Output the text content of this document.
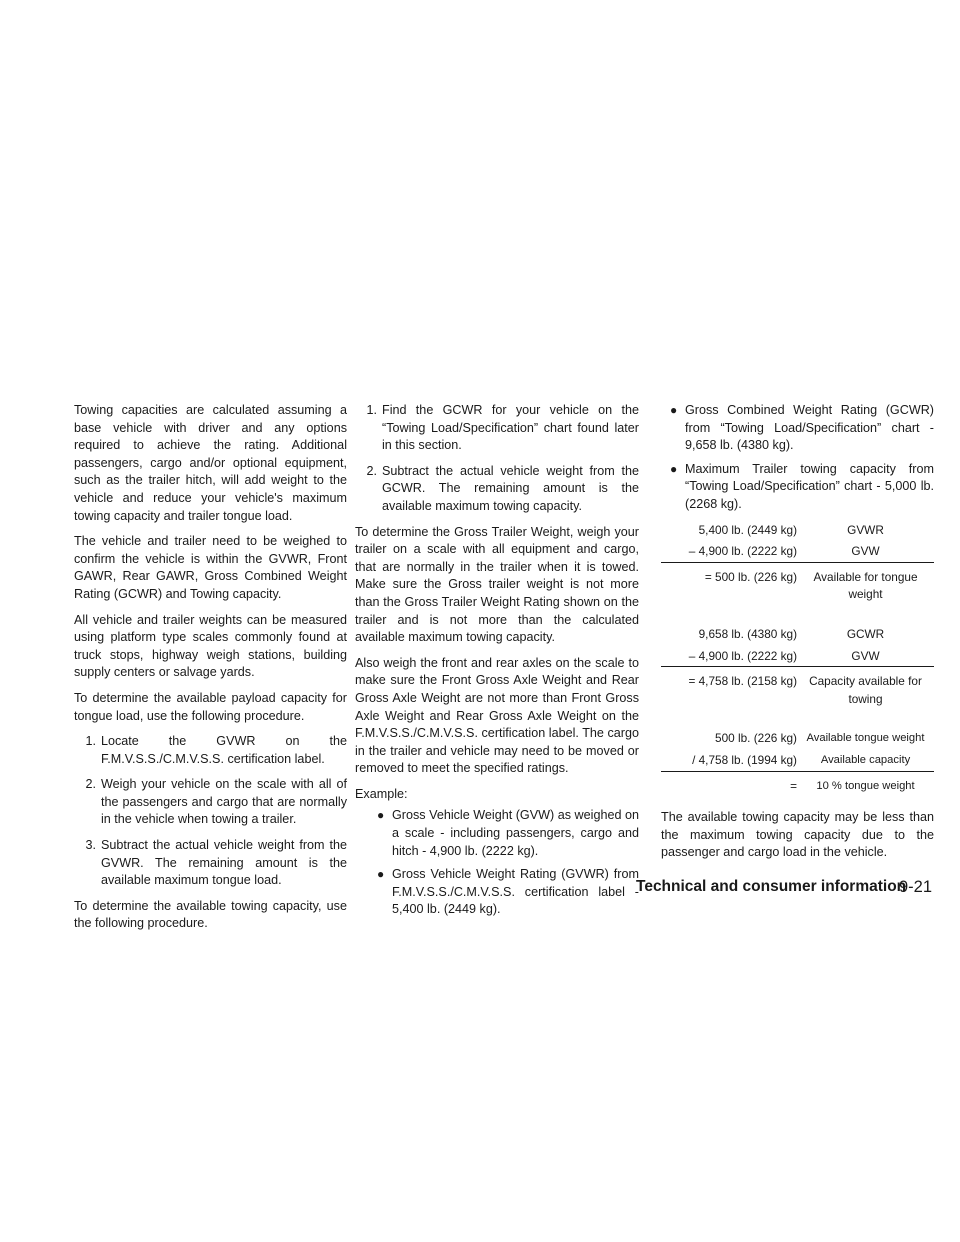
Towing capacities are calculated assuming a base vehicle with driver and any options required to achieve the rating. Additional passengers, cargo and/or optional equipment, such as the trailer hitch, will add weight to the vehicle and reduce your vehicle's maximum towing capacity and trailer tongue load.

The vehicle and trailer need to be weighed to confirm the vehicle is within the GVWR, Front GAWR, Rear GAWR, Gross Combined Weight Rating (GCWR) and Towing capacity.

All vehicle and trailer weights can be measured using platform type scales commonly found at truck stops, highway weigh stations, building supply centers or salvage yards.

To determine the available payload capacity for tongue load, use the following procedure.

1. Locate the GVWR on the F.M.V.S.S./C.M.V.S.S. certification label.
2. Weigh your vehicle on the scale with all of the passengers and cargo that are normally in the vehicle when towing a trailer.
3. Subtract the actual vehicle weight from the GVWR. The remaining amount is the available maximum tongue load.

To determine the available towing capacity, use the following procedure.

1. Find the GCWR for your vehicle on the “Towing Load/Specification” chart found later in this section.
2. Subtract the actual vehicle weight from the GCWR. The remaining amount is the available maximum towing capacity.

To determine the Gross Trailer Weight, weigh your trailer on a scale with all equipment and cargo, that are normally in the trailer when it is towed. Make sure the Gross trailer weight is not more than the Gross Trailer Weight Rating shown on the trailer and is not more than the calculated available maximum towing capacity.

Also weigh the front and rear axles on the scale to make sure the Front Gross Axle Weight and Rear Gross Axle Weight are not more than Front Gross Axle Weight and Rear Gross Axle Weight on the F.M.V.S.S./C.M.V.S.S. certification label. The cargo in the trailer and vehicle may need to be moved or removed to meet the specified ratings.

Example:

● Gross Vehicle Weight (GVW) as weighed on a scale - including passengers, cargo and hitch - 4,900 lb. (2222 kg).
● Gross Vehicle Weight Rating (GVWR) from F.M.V.S.S./C.M.V.S.S. certification label - 5,400 lb. (2449 kg).
● Gross Combined Weight Rating (GCWR) from “Towing Load/Specification” chart - 9,658 lb. (4380 kg).
● Maximum Trailer towing capacity from “Towing Load/Specification” chart - 5,000 lb. (2268 kg).
5,400 lb. (2449 kg)	GVWR
– 4,900 lb. (2222 kg)	GVW
= 500 lb. (226 kg)	Available for tongue weight
9,658 lb. (4380 kg)	GCWR
– 4,900 lb. (2222 kg)	GVW
= 4,758 lb. (2158 kg)	Capacity available for towing
500 lb. (226 kg) Available tongue weight
/ 4,758 lb. (1994 kg)	Available capacity
=	10 % tongue weight

The available towing capacity may be less than the maximum towing capacity due to the passenger and cargo load in the vehicle.

Technical and consumer information
9-21
